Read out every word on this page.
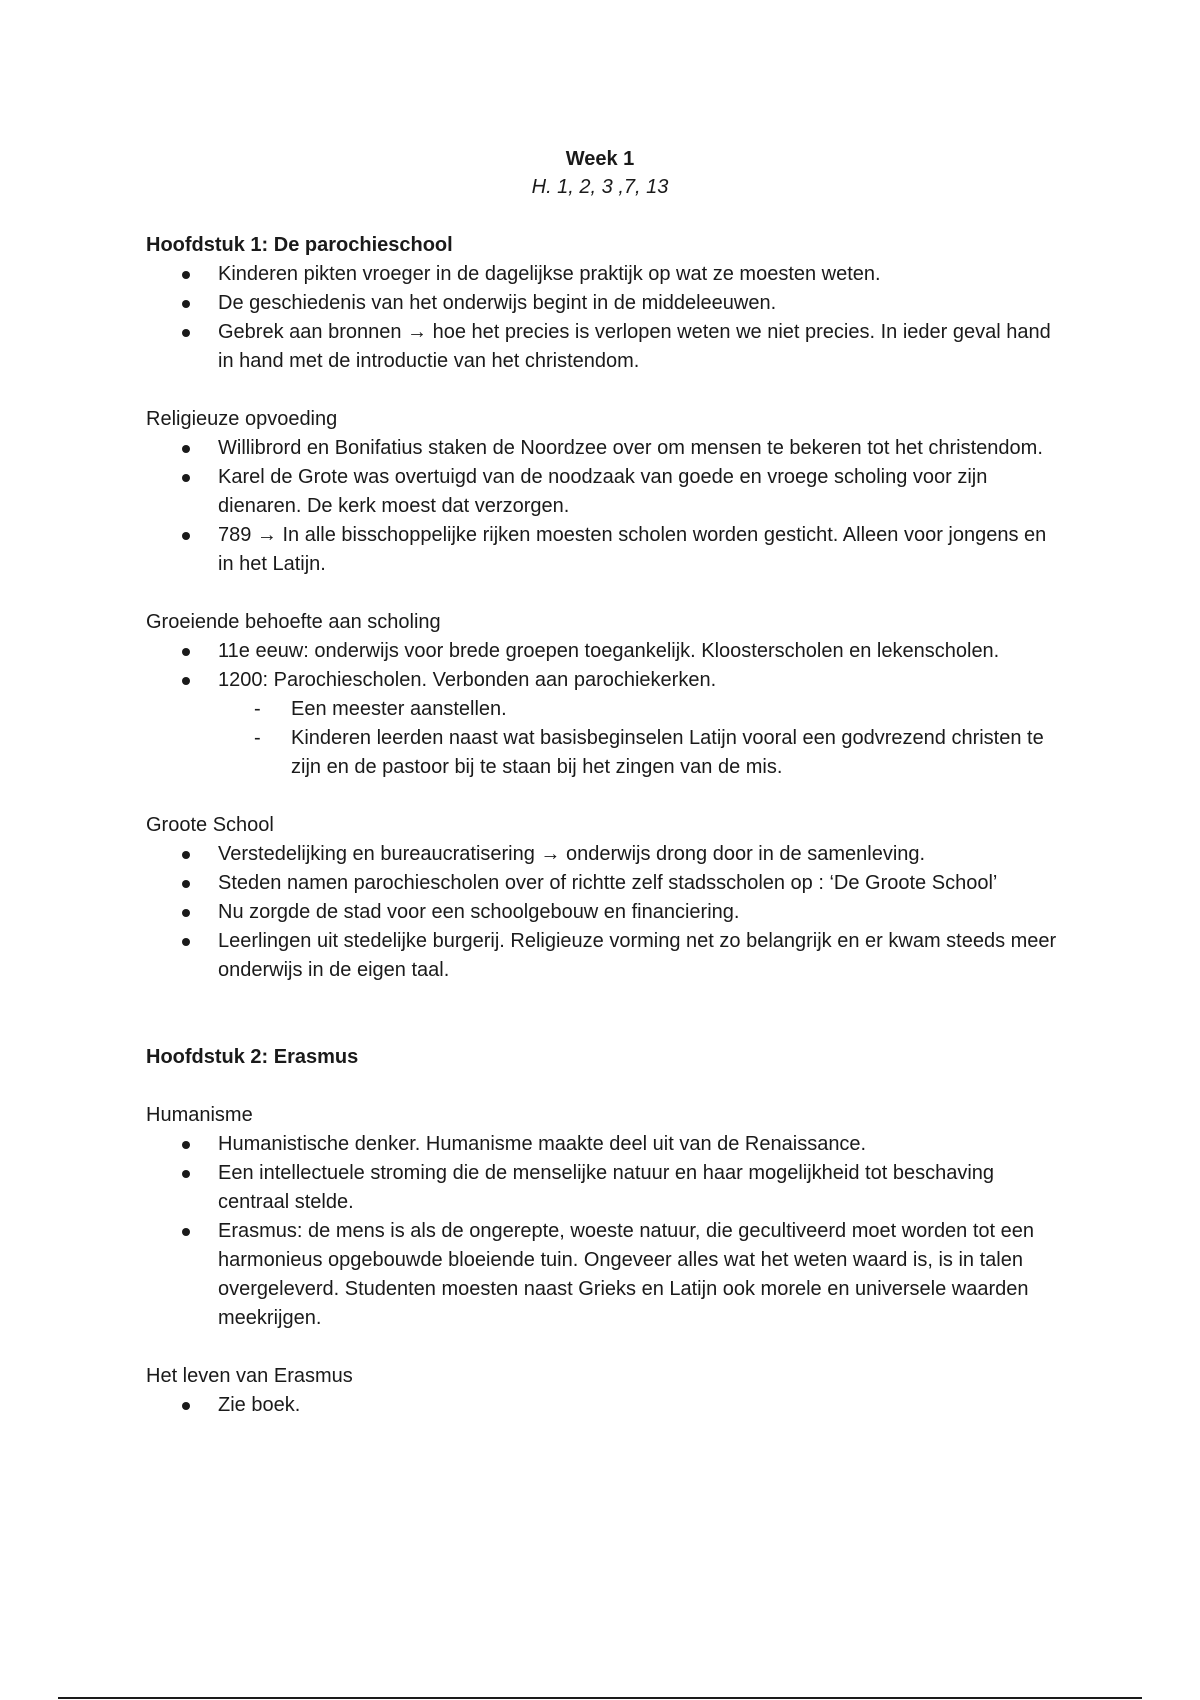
Week 1
H. 1, 2, 3 ,7, 13
Hoofdstuk 1: De parochieschool
Kinderen pikten vroeger in de dagelijkse praktijk op wat ze moesten weten.
De geschiedenis van het onderwijs begint in de middeleeuwen.
Gebrek aan bronnen → hoe het precies is verlopen weten we niet precies. In ieder geval hand in hand met de introductie van het christendom.
Religieuze opvoeding
Willibrord en Bonifatius staken de Noordzee over om mensen te bekeren tot het christendom.
Karel de Grote was overtuigd van de noodzaak van goede en vroege scholing voor zijn dienaren. De kerk moest dat verzorgen.
789 → In alle bisschoppelijke rijken moesten scholen worden gesticht. Alleen voor jongens en in het Latijn.
Groeiende behoefte aan scholing
11e eeuw: onderwijs voor brede groepen toegankelijk. Kloosterscholen en lekenscholen.
1200: Parochiescholen. Verbonden aan parochiekerken.
- Een meester aanstellen.
- Kinderen leerden naast wat basisbeginselen Latijn vooral een godvrezend christen te zijn en de pastoor bij te staan bij het zingen van de mis.
Groote School
Verstedelijking en bureaucratisering → onderwijs drong door in de samenleving.
Steden namen parochiescholen over of richtte zelf stadsscholen op : ‘De Groote School’
Nu zorgde de stad voor een schoolgebouw en financiering.
Leerlingen uit stedelijke burgerij. Religieuze vorming net zo belangrijk en er kwam steeds meer onderwijs in de eigen taal.
Hoofdstuk 2: Erasmus
Humanisme
Humanistische denker. Humanisme maakte deel uit van de Renaissance.
Een intellectuele stroming die de menselijke natuur en haar mogelijkheid tot beschaving centraal stelde.
Erasmus: de mens is als de ongerepte, woeste natuur, die gecultiveerd moet worden tot een harmonieus opgebouwde bloeiende tuin. Ongeveer alles wat het weten waard is, is in talen overgeleverd. Studenten moesten naast Grieks en Latijn ook morele en universele waarden meekrijgen.
Het leven van Erasmus
Zie boek.
